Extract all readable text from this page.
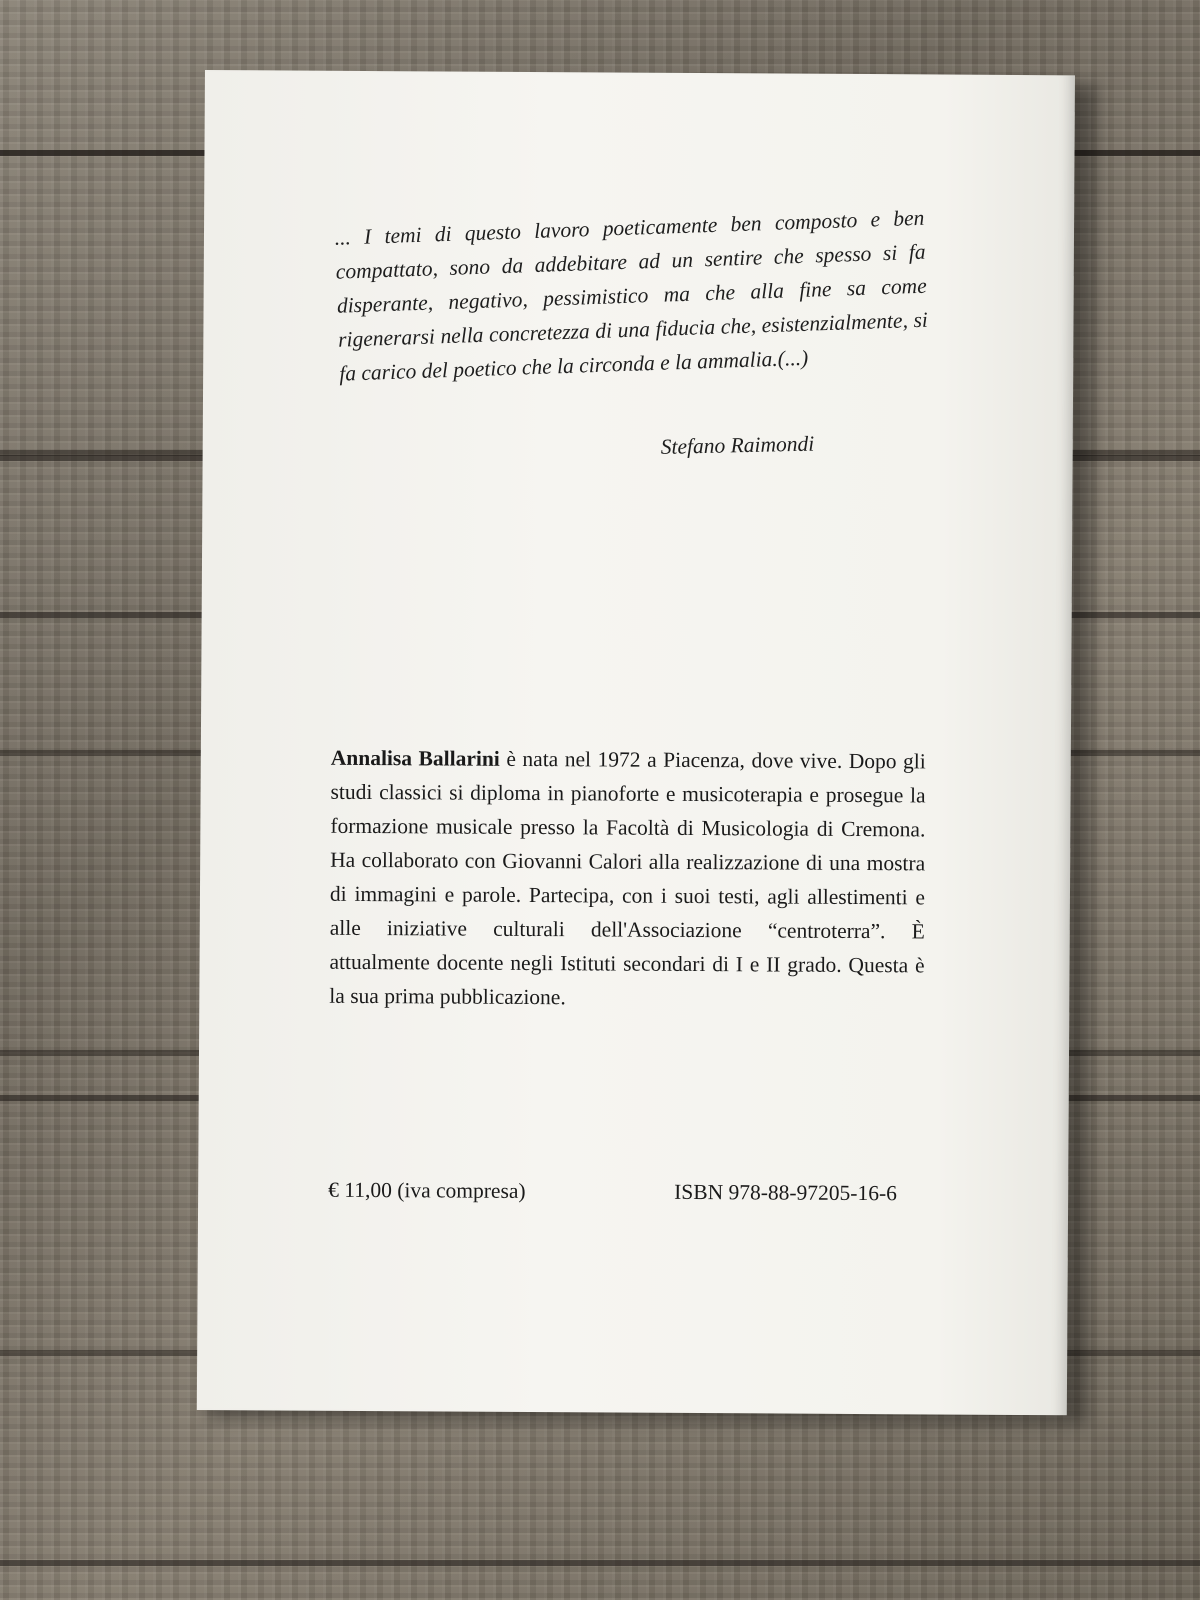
... I temi di questo lavoro poeticamente ben composto e ben compattato, sono da addebitare ad un sentire che spesso si fa disperante, negativo, pessimistico ma che alla fine sa come rigenerarsi nella concretezza di una fiducia che, esistenzialmente, si fa carico del poetico che la circonda e la ammalia.(...)

Stefano Raimondi

Annalisa Ballarini è nata nel 1972 a Piacenza, dove vive. Dopo gli studi classici si diploma in pianoforte e musicoterapia e prosegue la formazione musicale presso la Facoltà di Musicologia di Cremona. Ha collaborato con Giovanni Calori alla realizzazione di una mostra di immagini e parole. Partecipa, con i suoi testi, agli allestimenti e alle iniziative culturali dell'Associazione “centroterra”. È attualmente docente negli Istituti secondari di I e II grado. Questa è la sua prima pubblicazione.

€ 11,00 (iva compresa)	ISBN 978-88-97205-16-6
